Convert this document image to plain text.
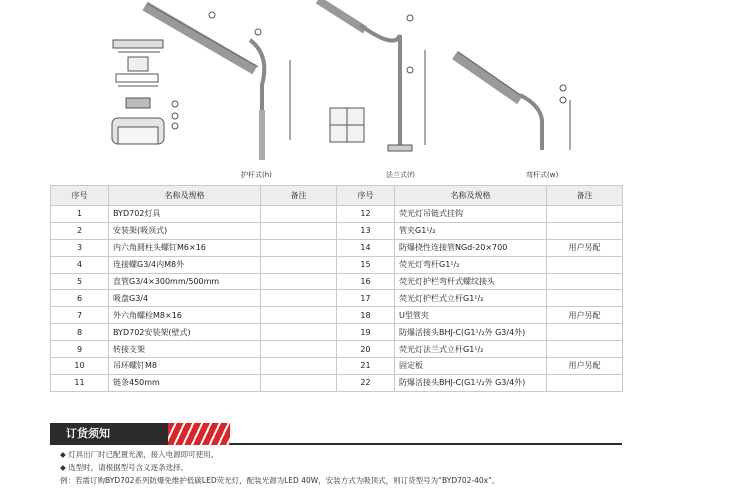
护杆式(h)	法兰式(f)	弯杆式(w)
序号	名称及规格	备注	序号	名称及规格	备注
1	BYD702灯具		12	荧光灯吊链式挂钩	
2	安装架(吸顶式)		13	管夹G1¹/₂	
3	内六角圆柱头螺钉M6×16		14	防爆挠性连接管NGd-20×700	用户另配
4	连接螺G3/4内M8外		15	荧光灯弯杆G1¹/₂	
5	直管G3/4×300mm/500mm		16	荧光灯护栏弯杆式螺纹接头	
6	吸盘G3/4		17	荧光灯护栏式立杆G1¹/₂	
7	外六角螺栓M8×16		18	U型管夹	用户另配
8	BYD702安装架(壁式)		19	防爆活接头BHJ-C(G1¹/₂外 G3/4外)	
9	转接支架		20	荧光灯法兰式立杆G1¹/₂	
10	吊环螺钉M8		21	固定板	用户另配
11	链条450mm		22	防爆活接头BHJ-C(G1¹/₂外 G3/4外)	
订货须知
◆ 灯具出厂时已配置光源，接入电源即可使用。
◆ 选型时，请根据型号含义逐条选择。
例：若需订购BYD702系列防爆免维护低碳LED荧光灯，配装光源为LED 40W，安装方式为吸顶式，则订货型号为“BYD702-40x”。
